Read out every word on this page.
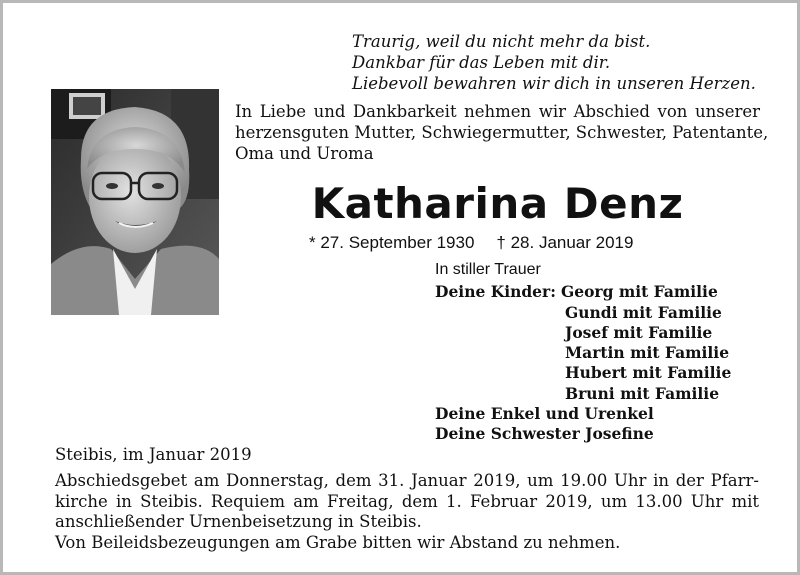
Traurig, weil du nicht mehr da bist.
Dankbar für das Leben mit dir.
Liebevoll bewahren wir dich in unseren Herzen.
In Liebe und Dankbarkeit nehmen wir Abschied von unserer
herzensguten Mutter, Schwiegermutter, Schwester, Patentante,
Oma und Uroma
Katharina Denz
* 27. September 1930 † 28. Januar 2019
In stiller Trauer
Deine Kinder: Georg mit Familie
Gundi mit Familie
Josef mit Familie
Martin mit Familie
Hubert mit Familie
Bruni mit Familie
Deine Enkel und Urenkel
Deine Schwester Josefine
Steibis, im Januar 2019
Abschiedsgebet am Donnerstag, dem 31. Januar 2019, um 19.00 Uhr in der Pfarr-
kirche in Steibis. Requiem am Freitag, dem 1. Februar 2019, um 13.00 Uhr mit
anschließender Urnenbeisetzung in Steibis.
Von Beileidsbezeugungen am Grabe bitten wir Abstand zu nehmen.
